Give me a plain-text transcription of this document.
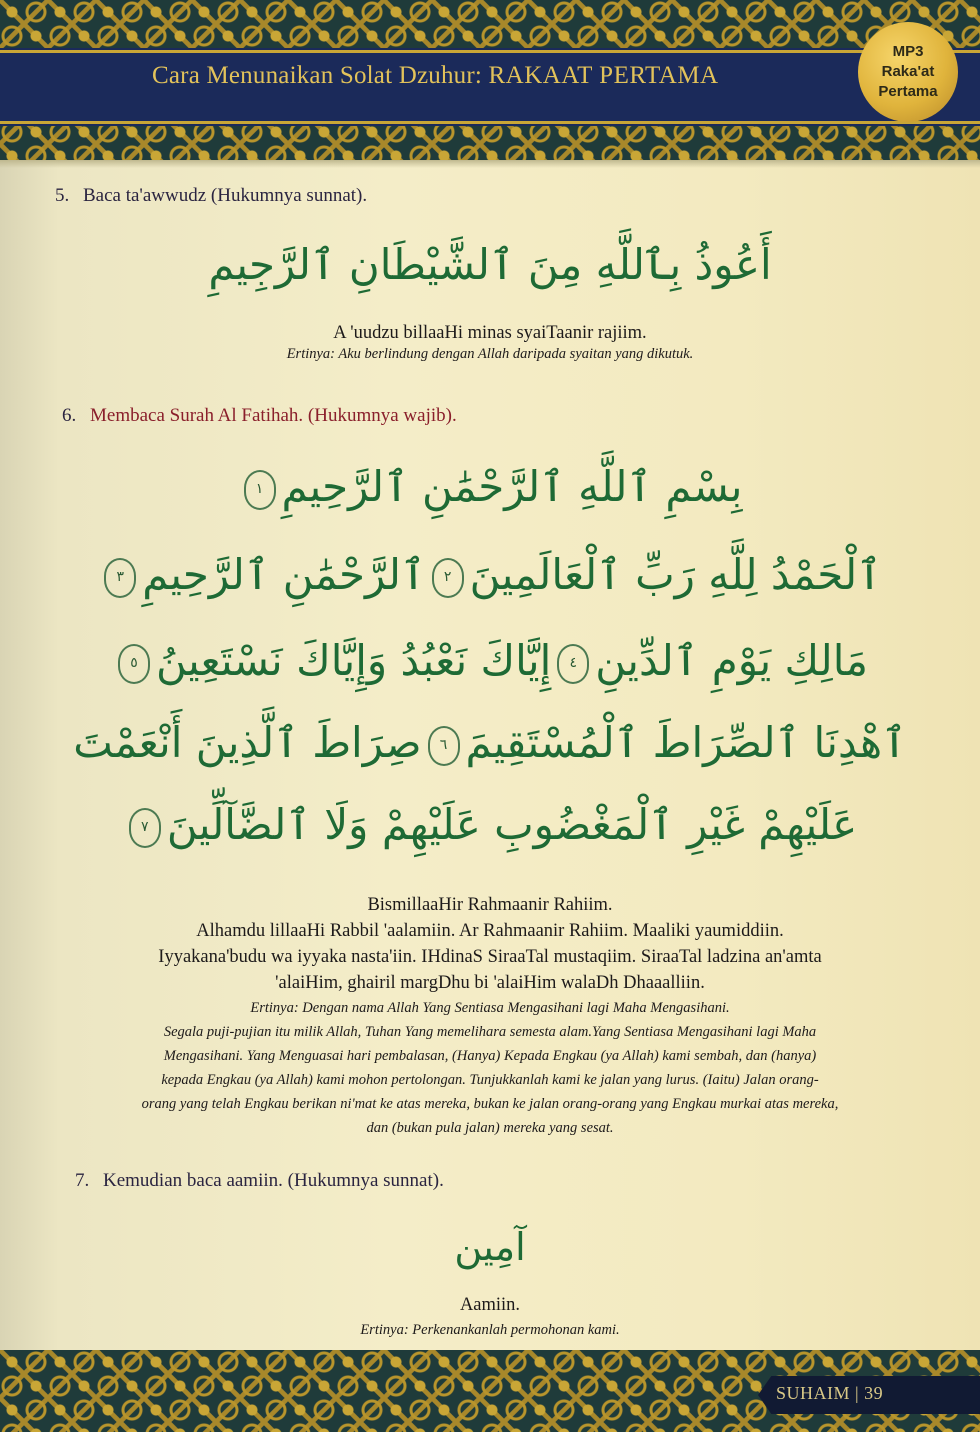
Cara Menunaikan Solat Dzuhur: RAKAAT PERTAMA
MP3
Raka'at
Pertama
5. Baca ta'awwudz (Hukumnya sunnat).
أَعُوذُ بِٱللَّهِ مِنَ ٱلشَّيْطَانِ ٱلرَّجِيمِ
A 'uudzu billaaHi minas syaiTaanir rajiim.
Ertinya: Aku berlindung dengan Allah daripada syaitan yang dikutuk.
6. Membaca Surah Al Fatihah. (Hukumnya wajib).
بِسْمِ ٱللَّهِ ٱلرَّحْمَٰنِ ٱلرَّحِيمِ١
ٱلْحَمْدُ لِلَّهِ رَبِّ ٱلْعَالَمِينَ٢ٱلرَّحْمَٰنِ ٱلرَّحِيمِ٣
مَالِكِ يَوْمِ ٱلدِّينِ٤إِيَّاكَ نَعْبُدُ وَإِيَّاكَ نَسْتَعِينُ٥
ٱهْدِنَا ٱلصِّرَاطَ ٱلْمُسْتَقِيمَ٦صِرَاطَ ٱلَّذِينَ أَنْعَمْتَ
عَلَيْهِمْ غَيْرِ ٱلْمَغْضُوبِ عَلَيْهِمْ وَلَا ٱلضَّآلِّينَ٧
BismillaaHir Rahmaanir Rahiim.
Alhamdu lillaaHi Rabbil 'aalamiin. Ar Rahmaanir Rahiim. Maaliki yaumiddiin.
Iyyakana'budu wa iyyaka nasta'iin. IHdinaS SiraaTal mustaqiim. SiraaTal ladzina an'amta
'alaiHim, ghairil margDhu bi 'alaiHim walaDh Dhaaalliin.
Ertinya: Dengan nama Allah Yang Sentiasa Mengasihani lagi Maha Mengasihani.
Segala puji-pujian itu milik Allah, Tuhan Yang memelihara semesta alam.Yang Sentiasa Mengasihani lagi Maha
Mengasihani. Yang Menguasai hari pembalasan, (Hanya) Kepada Engkau (ya Allah) kami sembah, dan (hanya)
kepada Engkau (ya Allah) kami mohon pertolongan. Tunjukkanlah kami ke jalan yang lurus. (Iaitu) Jalan orang-
orang yang telah Engkau berikan ni'mat ke atas mereka, bukan ke jalan orang-orang yang Engkau murkai atas mereka,
dan (bukan pula jalan) mereka yang sesat.
7. Kemudian baca aamiin. (Hukumnya sunnat).
آمِين
Aamiin.
Ertinya: Perkenankanlah permohonan kami.
SUHAIM | 39
